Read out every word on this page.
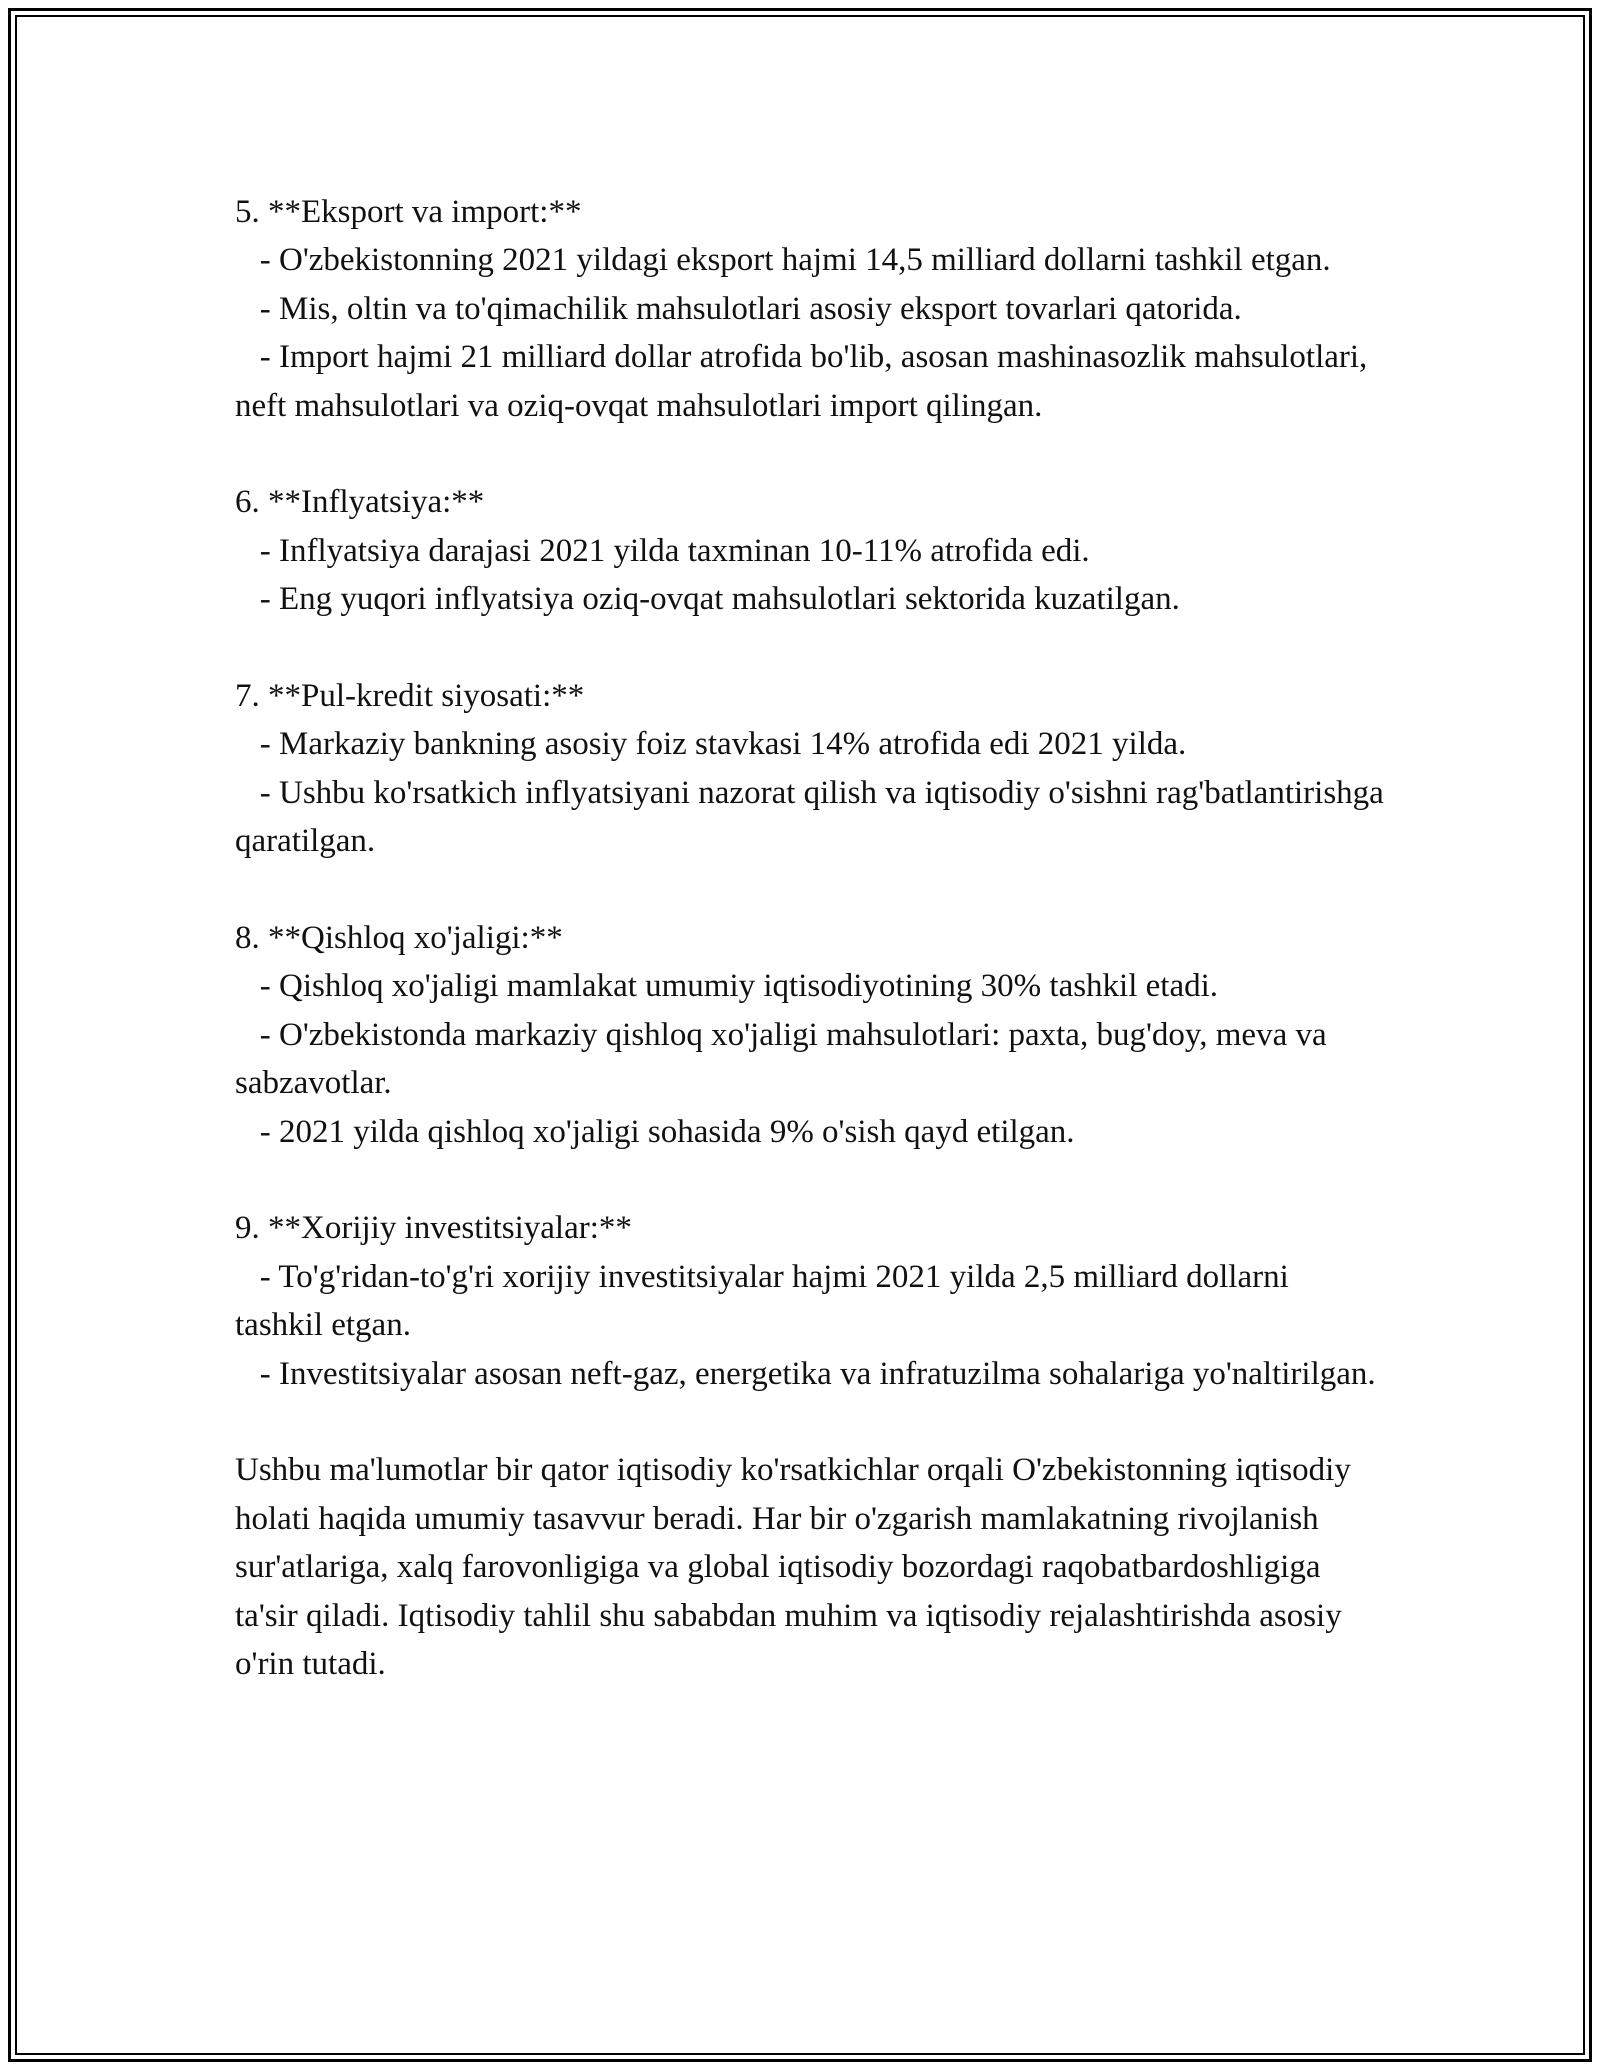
5. **Eksport va import:**

- O'zbekistonning 2021 yildagi eksport hajmi 14,5 milliard dollarni tashkil etgan.

- Mis, oltin va to'qimachilik mahsulotlari asosiy eksport tovarlari qatorida.

- Import hajmi 21 milliard dollar atrofida bo'lib, asosan mashinasozlik mahsulotlari, neft mahsulotlari va oziq-ovqat mahsulotlari import qilingan.

6. **Inflyatsiya:**

- Inflyatsiya darajasi 2021 yilda taxminan 10-11% atrofida edi.

- Eng yuqori inflyatsiya oziq-ovqat mahsulotlari sektorida kuzatilgan.

7. **Pul-kredit siyosati:**

- Markaziy bankning asosiy foiz stavkasi 14% atrofida edi 2021 yilda.

- Ushbu ko'rsatkich inflyatsiyani nazorat qilish va iqtisodiy o'sishni rag'batlantirishga qaratilgan.

8. **Qishloq xo'jaligi:**

- Qishloq xo'jaligi mamlakat umumiy iqtisodiyotining 30% tashkil etadi.

- O'zbekistonda markaziy qishloq xo'jaligi mahsulotlari: paxta, bug'doy, meva va sabzavotlar.

- 2021 yilda qishloq xo'jaligi sohasida 9% o'sish qayd etilgan.

9. **Xorijiy investitsiyalar:**

- To'g'ridan-to'g'ri xorijiy investitsiyalar hajmi 2021 yilda 2,5 milliard dollarni tashkil etgan.

- Investitsiyalar asosan neft-gaz, energetika va infratuzilma sohalariga yo'naltirilgan.

Ushbu ma'lumotlar bir qator iqtisodiy ko'rsatkichlar orqali O'zbekistonning iqtisodiy holati haqida umumiy tasavvur beradi. Har bir o'zgarish mamlakatning rivojlanish sur'atlariga, xalq farovonligiga va global iqtisodiy bozordagi raqobatbardoshligiga ta'sir qiladi. Iqtisodiy tahlil shu sababdan muhim va iqtisodiy rejalashtirishda asosiy o'rin tutadi.
